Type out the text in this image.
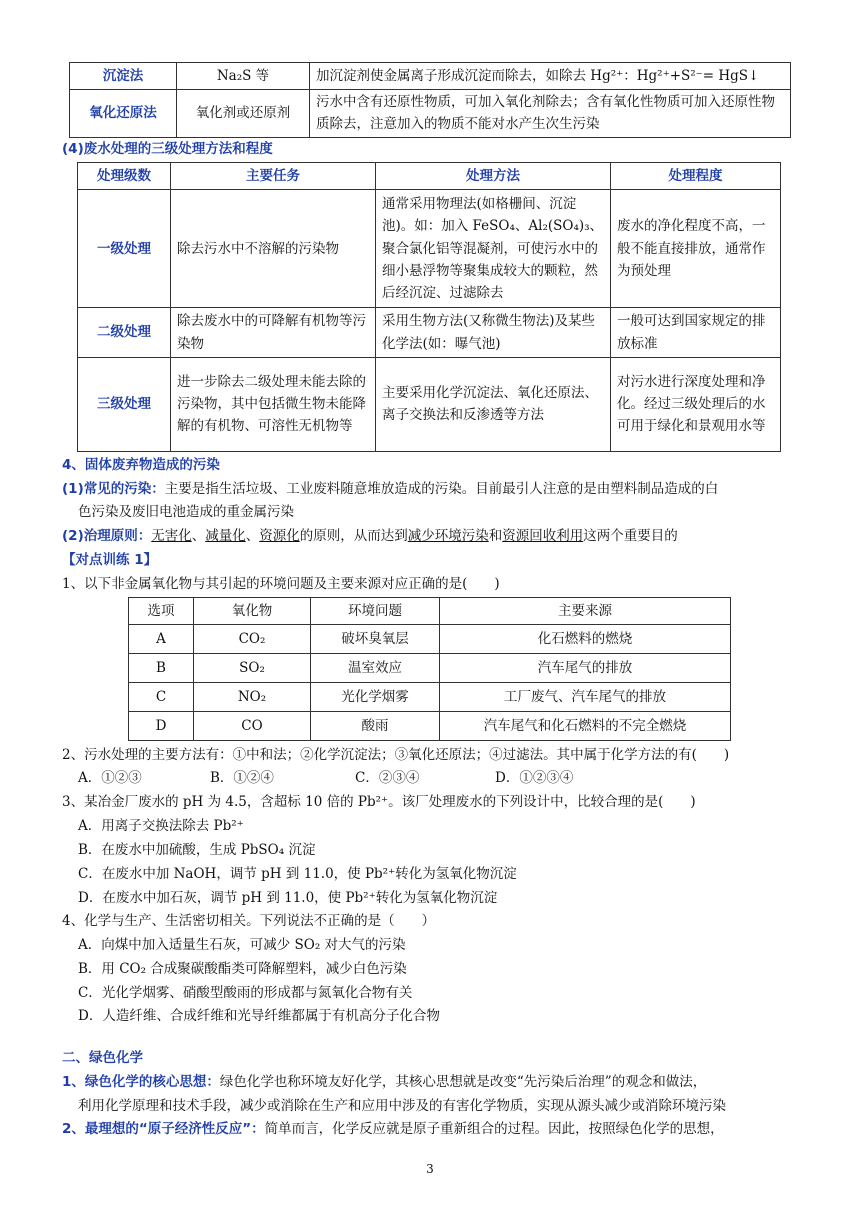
沉淀法	Na₂S 等	加沉淀剂使金属离子形成沉淀而除去，如除去 Hg²⁺：Hg²⁺+S²⁻= HgS↓
氧化还原法	氧化剂或还原剂	污水中含有还原性物质，可加入氧化剂除去；含有氧化性物质可加入还原性物质除去，注意加入的物质不能对水产生次生污染
(4)废水处理的三级处理方法和程度
处理级数	主要任务	处理方法	处理程度
一级处理	除去污水中不溶解的污染物	通常采用物理法(如格栅间、沉淀池)。如：加入 FeSO₄、Al₂(SO₄)₃、聚合氯化铝等混凝剂，可使污水中的细小悬浮物等聚集成较大的颗粒，然后经沉淀、过滤除去	废水的净化程度不高，一般不能直接排放，通常作为预处理
二级处理	除去废水中的可降解有机物等污染物	采用生物方法(又称微生物法)及某些化学法(如：曝气池)	一般可达到国家规定的排放标准
三级处理	进一步除去二级处理未能去除的污染物，其中包括微生物未能降解的有机物、可溶性无机物等	主要采用化学沉淀法、氧化还原法、离子交换法和反渗透等方法	对污水进行深度处理和净化。经过三级处理后的水可用于绿化和景观用水等
4、固体废弃物造成的污染
(1)常见的污染：主要是指生活垃圾、工业废料随意堆放造成的污染。目前最引人注意的是由塑料制品造成的白
色污染及废旧电池造成的重金属污染
(2)治理原则：无害化、减量化、资源化的原则，从而达到减少环境污染和资源回收利用这两个重要目的
【对点训练 1】
1、以下非金属氧化物与其引起的环境问题及主要来源对应正确的是(　　)
选项	氧化物	环境问题	主要来源
A	CO₂	破坏臭氧层	化石燃料的燃烧
B	SO₂	温室效应	汽车尾气的排放
C	NO₂	光化学烟雾	工厂废气、汽车尾气的排放
D	CO	酸雨	汽车尾气和化石燃料的不完全燃烧
2、污水处理的主要方法有：①中和法；②化学沉淀法；③氧化还原法；④过滤法。其中属于化学方法的有(　　)
A．①②③	B．①②④	C．②③④	D．①②③④
3、某冶金厂废水的 pH 为 4.5，含超标 10 倍的 Pb²⁺。该厂处理废水的下列设计中，比较合理的是(　　)
A．用离子交换法除去 Pb²⁺
B．在废水中加硫酸，生成 PbSO₄ 沉淀
C．在废水中加 NaOH，调节 pH 到 11.0，使 Pb²⁺转化为氢氧化物沉淀
D．在废水中加石灰，调节 pH 到 11.0，使 Pb²⁺转化为氢氧化物沉淀
4、化学与生产、生活密切相关。下列说法不正确的是（　　）
A．向煤中加入适量生石灰，可减少 SO₂ 对大气的污染
B．用 CO₂ 合成聚碳酸酯类可降解塑料，减少白色污染
C．光化学烟雾、硝酸型酸雨的形成都与氮氧化合物有关
D．人造纤维、合成纤维和光导纤维都属于有机高分子化合物
二、绿色化学
1、绿色化学的核心思想：绿色化学也称环境友好化学，其核心思想就是改变“先污染后治理”的观念和做法，
利用化学原理和技术手段，减少或消除在生产和应用中涉及的有害化学物质，实现从源头减少或消除环境污染
2、最理想的“原子经济性反应”：简单而言，化学反应就是原子重新组合的过程。因此，按照绿色化学的思想，
3
